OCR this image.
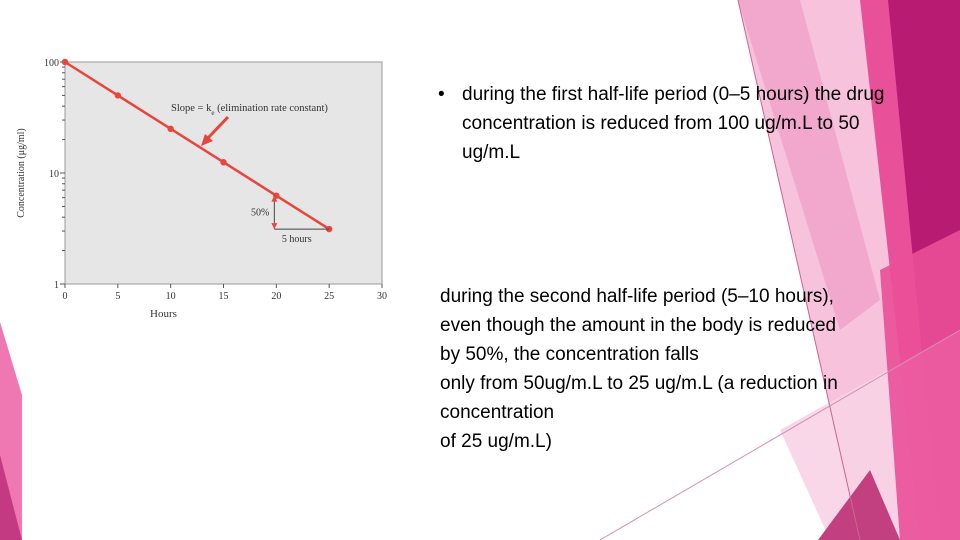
0	5	10	15	20	25	30
1
10
100
Concentration (μg/ml)
Hours
Slope = $k_e$ (elimination rate constant)
50%
5 hours
• during the first half-life period (0–5 hours) the drug concentration is reduced from 100 ug/m.L to 50 ug/m.L
during the second half-life period (5–10 hours),
even though the amount in the body is reduced
by 50%, the concentration falls
only from 50ug/m.L to 25 ug/m.L (a reduction in
concentration
of 25 ug/m.L)
